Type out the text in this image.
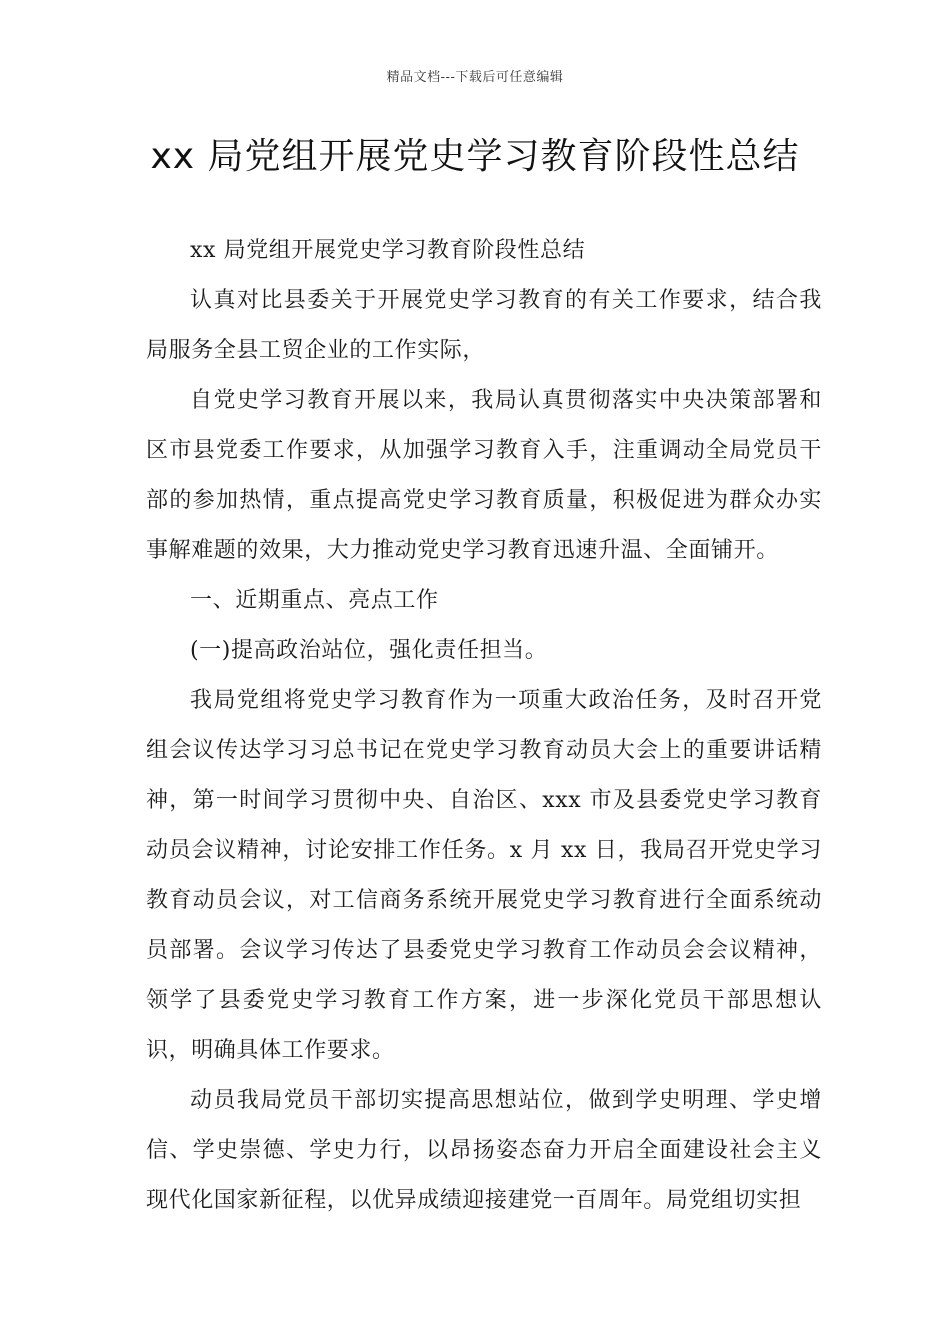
精品文档---下载后可任意编辑
xx 局党组开展党史学习教育阶段性总结

xx 局党组开展党史学习教育阶段性总结

认真对比县委关于开展党史学习教育的有关工作要求，结合我局服务全县工贸企业的工作实际，

自党史学习教育开展以来，我局认真贯彻落实中央决策部署和区市县党委工作要求，从加强学习教育入手，注重调动全局党员干部的参加热情，重点提高党史学习教育质量，积极促进为群众办实事解难题的效果，大力推动党史学习教育迅速升温、全面铺开。

一、近期重点、亮点工作

(一)提高政治站位，强化责任担当。

我局党组将党史学习教育作为一项重大政治任务，及时召开党组会议传达学习习总书记在党史学习教育动员大会上的重要讲话精神，第一时间学习贯彻中央、自治区、xxx 市及县委党史学习教育动员会议精神，讨论安排工作任务。x 月 xx 日，我局召开党史学习教育动员会议，对工信商务系统开展党史学习教育进行全面系统动员部署。会议学习传达了县委党史学习教育工作动员会会议精神，领学了县委党史学习教育工作方案，进一步深化党员干部思想认识，明确具体工作要求。

动员我局党员干部切实提高思想站位，做到学史明理、学史增信、学史崇德、学史力行，以昂扬姿态奋力开启全面建设社会主义现代化国家新征程，以优异成绩迎接建党一百周年。局党组切实担
